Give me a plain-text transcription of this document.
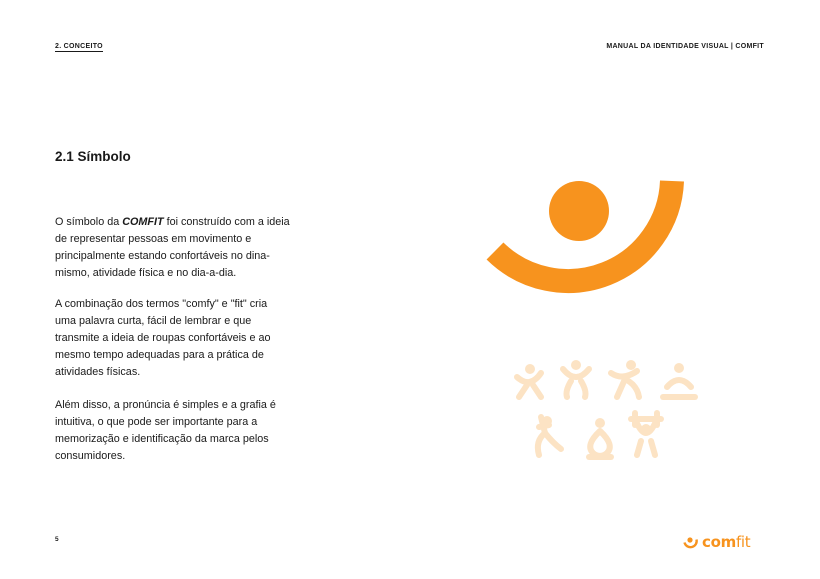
2. CONCEITO	MANUAL DA IDENTIDADE VISUAL | COMFIT
2.1 Símbolo

O símbolo da COMFIT foi construído com a ideia de representar pessoas em movimento e principalmente estando confortáveis no dina-mismo, atividade física e no dia-a-dia.

A combinação dos termos "comfy" e "fit" cria uma palavra curta, fácil de lembrar e que transmite a ideia de roupas confortáveis e ao mesmo tempo adequadas para a prática de atividades físicas.

Além disso, a pronúncia é simples e a grafia é intuitiva, o que pode ser importante para a memorização e identificação da marca pelos consumidores.

5	comfit
